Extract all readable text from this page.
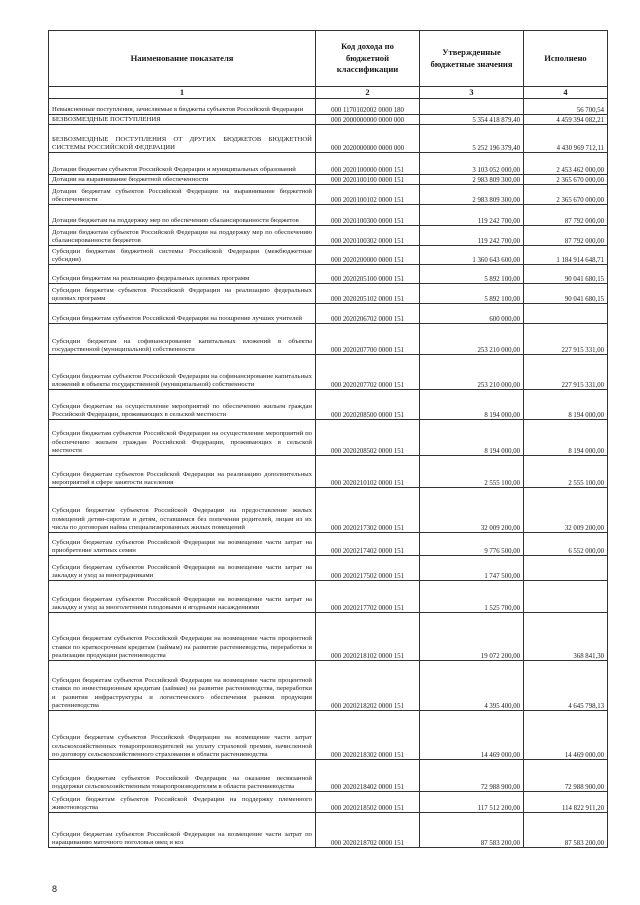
Наименование показателя	Код дохода по бюджетной классификации	Утвержденные бюджетные значения	Исполнено
1	2	3	4
Невыясненные поступления, зачисляемые в бюджеты субъектов Российской Федерации	000 1170102002 0000 180		56 700,54
БЕЗВОЗМЕЗДНЫЕ ПОСТУПЛЕНИЯ	000 2000000000 0000 000	5 354 418 879,40	4 459 394 082,21
БЕЗВОЗМЕЗДНЫЕ ПОСТУПЛЕНИЯ ОТ ДРУГИХ БЮДЖЕТОВ БЮДЖЕТНОЙ СИСТЕМЫ РОССИЙСКОЙ ФЕДЕРАЦИИ	000 2020000000 0000 000	5 252 196 379,40	4 430 969 712,11
Дотации бюджетам субъектов Российской Федерации и муниципальных образований	000 2020100000 0000 151	3 103 052 000,00	2 453 462 000,00
Дотации на выравнивание бюджетной обеспеченности	000 2020100100 0000 151	2 983 809 300,00	2 365 670 000,00
Дотации бюджетам субъектов Российской Федерации на выравнивание бюджетной обеспеченности	000 2020100102 0000 151	2 983 809 300,00	2 365 670 000,00
Дотации бюджетам на поддержку мер по обеспечению сбалансированности бюджетов	000 2020100300 0000 151	119 242 700,00	87 792 000,00
Дотации бюджетам субъектов Российской Федерации на поддержку мер по обеспечению сбалансированности бюджетов	000 2020100302 0000 151	119 242 700,00	87 792 000,00
Субсидии бюджетам бюджетной системы Российской Федерации (межбюджетные субсидии)	000 2020200000 0000 151	1 360 643 600,00	1 184 914 648,71
Субсидии бюджетам на реализацию федеральных целевых программ	000 2020205100 0000 151	5 892 100,00	90 041 680,15
Субсидии бюджетам субъектов Российской Федерации на реализацию федеральных целевых программ	000 2020205102 0000 151	5 892 100,00	90 041 680,15
Субсидии бюджетам субъектов Российской Федерации на поощрение лучших учителей	000 2020206702 0000 151	600 000,00	
Субсидии бюджетам на софинансирование капитальных вложений в объекты государственной (муниципальной) собственности	000 2020207700 0000 151	253 210 000,00	227 915 331,00
Субсидии бюджетам субъектов Российской Федерации на софинансирование капитальных вложений в объекты государственной (муниципальной) собственности	000 2020207702 0000 151	253 210 000,00	227 915 331,00
Субсидии бюджетам на осуществление мероприятий по обеспечению жильем граждан Российской Федерации, проживающих в сельской местности	000 2020208500 0000 151	8 194 000,00	8 194 000,00
Субсидии бюджетам субъектов Российской Федерации на осуществление мероприятий по обеспечению жильем граждан Российской Федерации, проживающих в сельской местности	000 2020208502 0000 151	8 194 000,00	8 194 000,00
Субсидии бюджетам субъектов Российской Федерации на реализацию дополнительных мероприятий в сфере занятости населения	000 2020210102 0000 151	2 555 100,00	2 555 100,00
Субсидии бюджетам субъектов Российской Федерации на предоставление жилых помещений детям-сиротам и детям, оставшимся без попечения родителей, лицам из их числа по договорам найма специализированных жилых помещений	000 2020217302 0000 151	32 009 200,00	32 009 200,00
Субсидии бюджетам субъектов Российской Федерации на возмещение части затрат на приобретение элитных семян	000 2020217402 0000 151	9 776 500,00	6 552 000,00
Субсидии бюджетам субъектов Российской Федерации на возмещение части затрат на закладку и уход за виноградниками	000 2020217502 0000 151	1 747 500,00	
Субсидии бюджетам субъектов Российской Федерации на возмещение части затрат на закладку и уход за многолетними плодовыми и ягодными насаждениями	000 2020217702 0000 151	1 525 700,00	
Субсидии бюджетам субъектов Российской Федерации на возмещение части процентной ставки по краткосрочным кредитам (займам) на развитие растениеводства, переработки и реализации продукции растениеводства	000 2020218102 0000 151	19 072 200,00	368 841,30
Субсидии бюджетам субъектов Российской Федерации на возмещение части процентной ставки по инвестиционным кредитам (займам) на развитие растениеводства, переработки и развития инфраструктуры и логистического обеспечения рынков продукции растениеводства	000 2020218202 0000 151	4 395 400,00	4 645 798,13
Субсидии бюджетам субъектов Российской Федерации на возмещение части затрат сельскохозяйственных товаропроизводителей на уплату страховой премии, начисленной по договору сельскохозяйственного страхования в области растениеводства	000 2020218302 0000 151	14 469 000,00	14 469 000,00
Субсидии бюджетам субъектов Российской Федерации на оказание несвязанной поддержки сельскохозяйственным товаропроизводителям в области растениеводства	000 2020218402 0000 151	72 988 900,00	72 988 900,00
Субсидии бюджетам субъектов Российской Федерации на поддержку племенного животноводства	000 2020218502 0000 151	117 512 200,00	114 822 911,20
Субсидии бюджетам субъектов Российской Федерации на возмещение части затрат по наращиванию маточного поголовья овец и коз	000 2020218702 0000 151	87 583 200,00	87 583 200,00
8
